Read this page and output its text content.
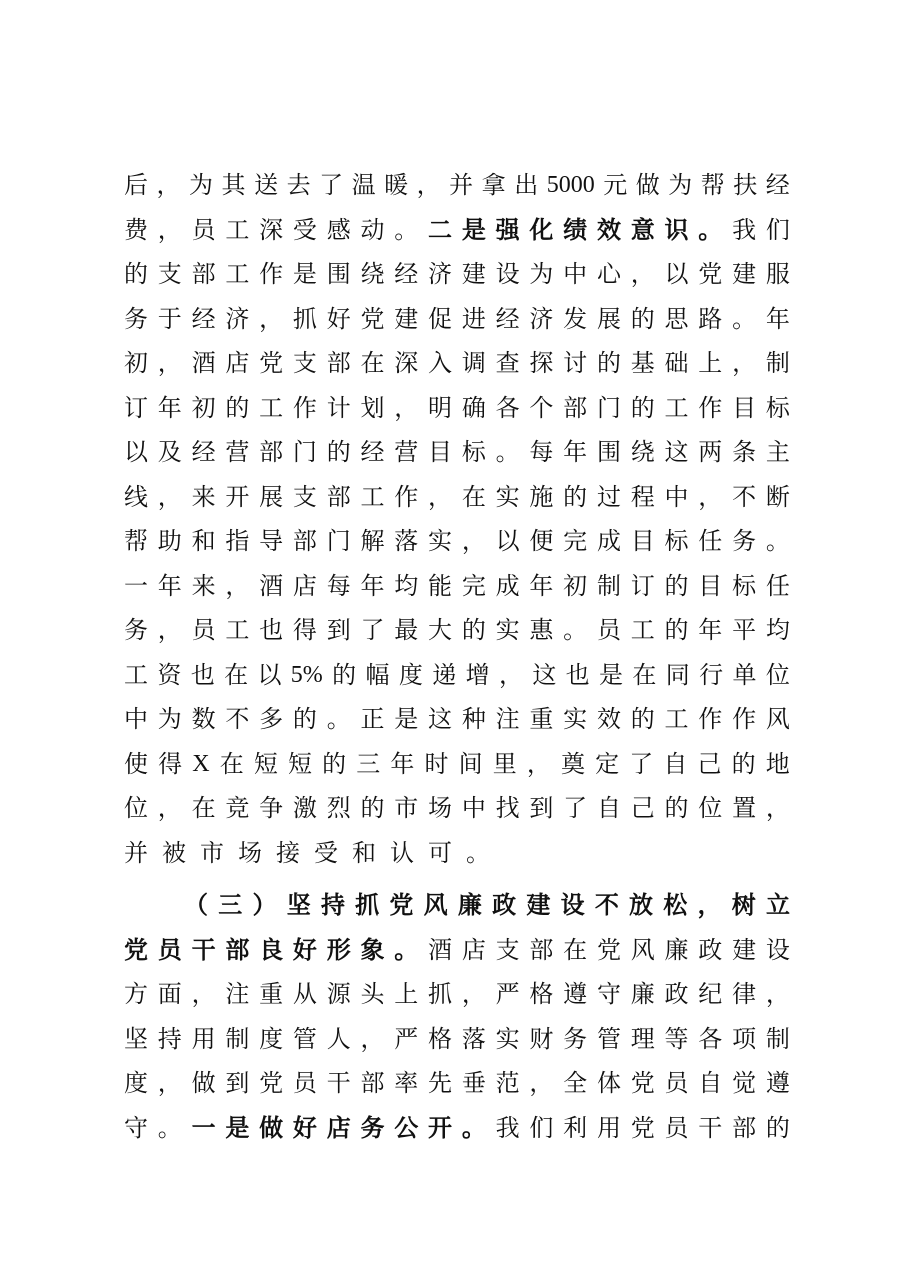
后 ， 为 其 送 去 了 温 暖 ， 并 拿 出 5000 元 做 为 帮 扶 经
费 ， 员 工 深 受 感 动 。 二 是 强 化 绩 效 意 识 。 我 们
的 支 部 工 作 是 围 绕 经 济 建 设 为 中 心 ， 以 党 建 服
务 于 经 济 ， 抓 好 党 建 促 进 经 济 发 展 的 思 路 。 年
初 ， 酒 店 党 支 部 在 深 入 调 查 探 讨 的 基 础 上 ， 制
订 年 初 的 工 作 计 划 ， 明 确 各 个 部 门 的 工 作 目 标
以 及 经 营 部 门 的 经 营 目 标 。 每 年 围 绕 这 两 条 主
线 ， 来 开 展 支 部 工 作 ， 在 实 施 的 过 程 中 ， 不 断
帮 助 和 指 导 部 门 解 落 实 ， 以 便 完 成 目 标 任 务 。
一 年 来 ， 酒 店 每 年 均 能 完 成 年 初 制 订 的 目 标 任
务 ， 员 工 也 得 到 了 最 大 的 实 惠 。 员 工 的 年 平 均
工 资 也 在 以 5% 的 幅 度 递 增 ， 这 也 是 在 同 行 单 位
中 为 数 不 多 的 。 正 是 这 种 注 重 实 效 的 工 作 作 风
使 得 X 在 短 短 的 三 年 时 间 里 ， 奠 定 了 自 己 的 地
位 ， 在 竞 争 激 烈 的 市 场 中 找 到 了 自 己 的 位 置 ，
并 被 市 场 接 受 和 认 可 。
（ 三 ） 坚 持 抓 党 风 廉 政 建 设 不 放 松 ， 树 立
党 员 干 部 良 好 形 象 。 酒 店 支 部 在 党 风 廉 政 建 设
方 面 ， 注 重 从 源 头 上 抓 ， 严 格 遵 守 廉 政 纪 律 ，
坚 持 用 制 度 管 人 ， 严 格 落 实 财 务 管 理 等 各 项 制
度 ， 做 到 党 员 干 部 率 先 垂 范 ， 全 体 党 员 自 觉 遵
守 。 一 是 做 好 店 务 公 开 。 我 们 利 用 党 员 干 部 的
